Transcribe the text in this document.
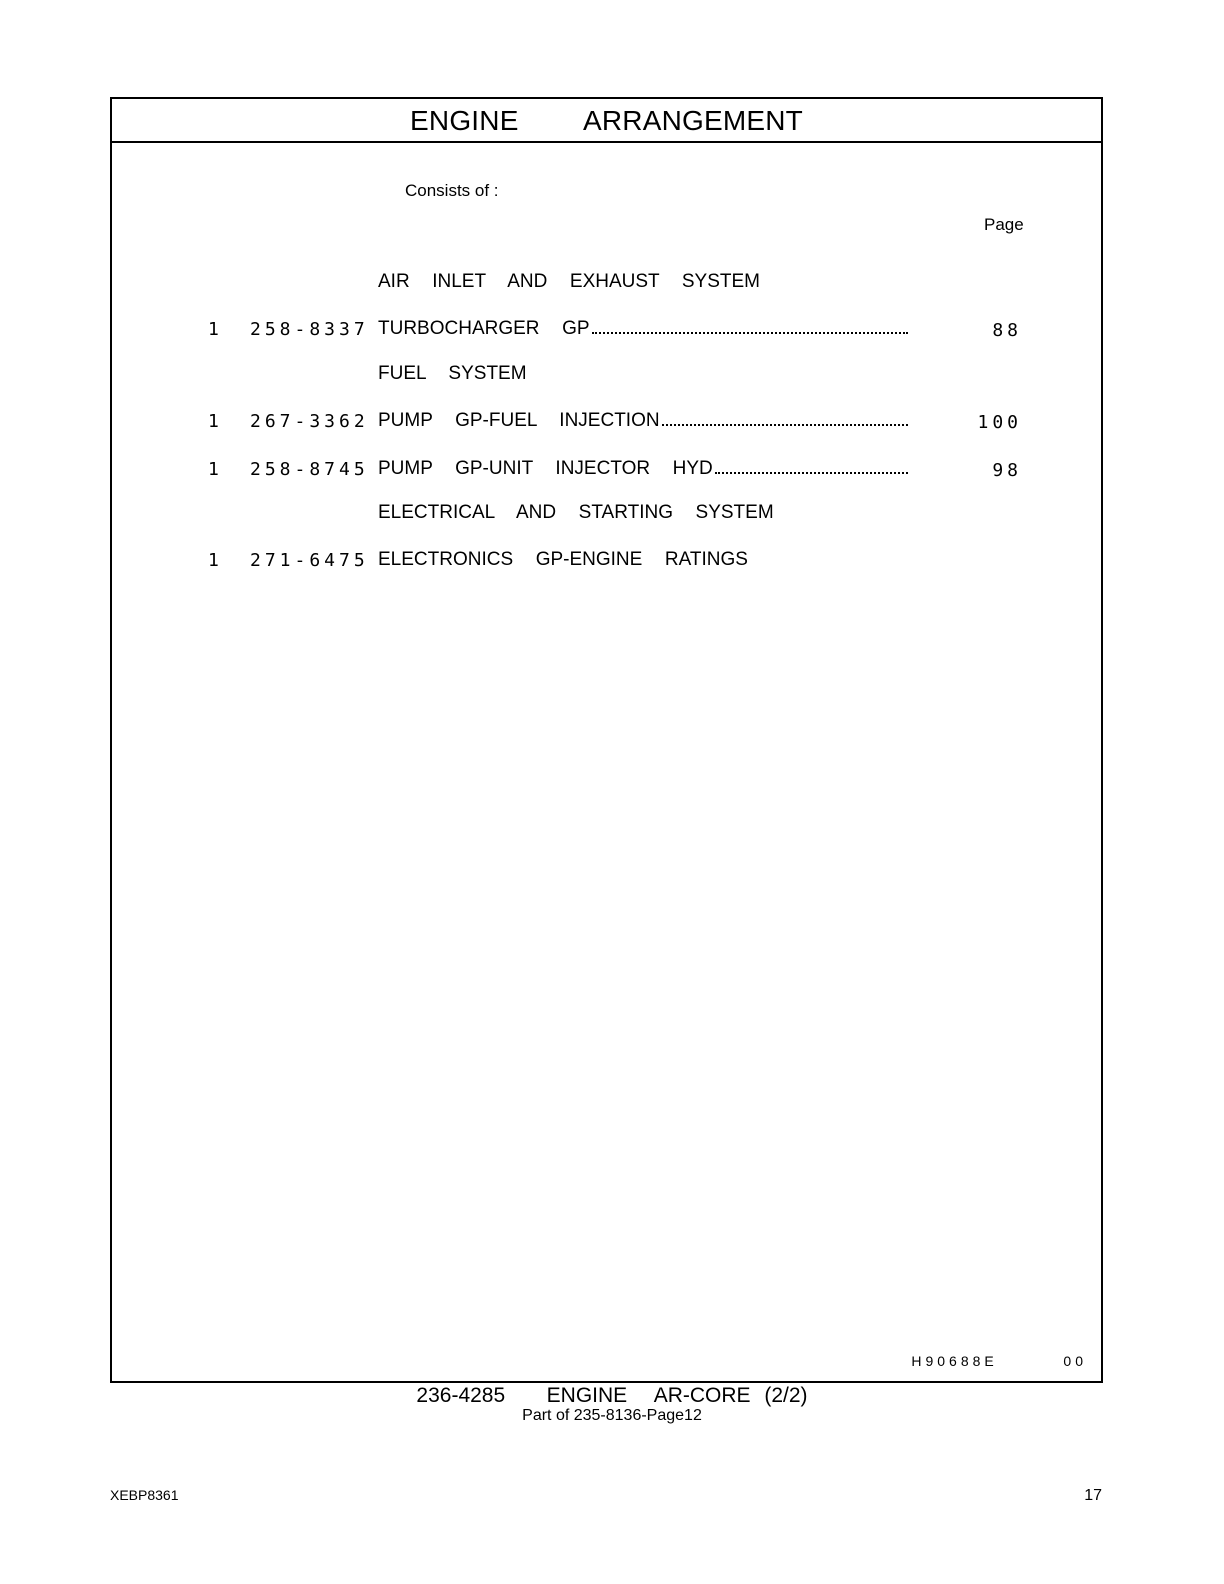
ENGINE   ARRANGEMENT
Consists of :
Page
AIR  INLET  AND  EXHAUST  SYSTEM
1 258-8337 TURBOCHARGER  GP	88
FUEL  SYSTEM
1 267-3362 PUMP  GP-FUEL  INJECTION	100
1 258-8745 PUMP  GP-UNIT  INJECTOR  HYD	98
ELECTRICAL  AND  STARTING  SYSTEM
1 271-6475 ELECTRONICS  GP-ENGINE  RATINGS
H90688E   00
236-4285   ENGINE  AR-CORE (2/2)
Part of 235-8136-Page12
XEBP8361	17
